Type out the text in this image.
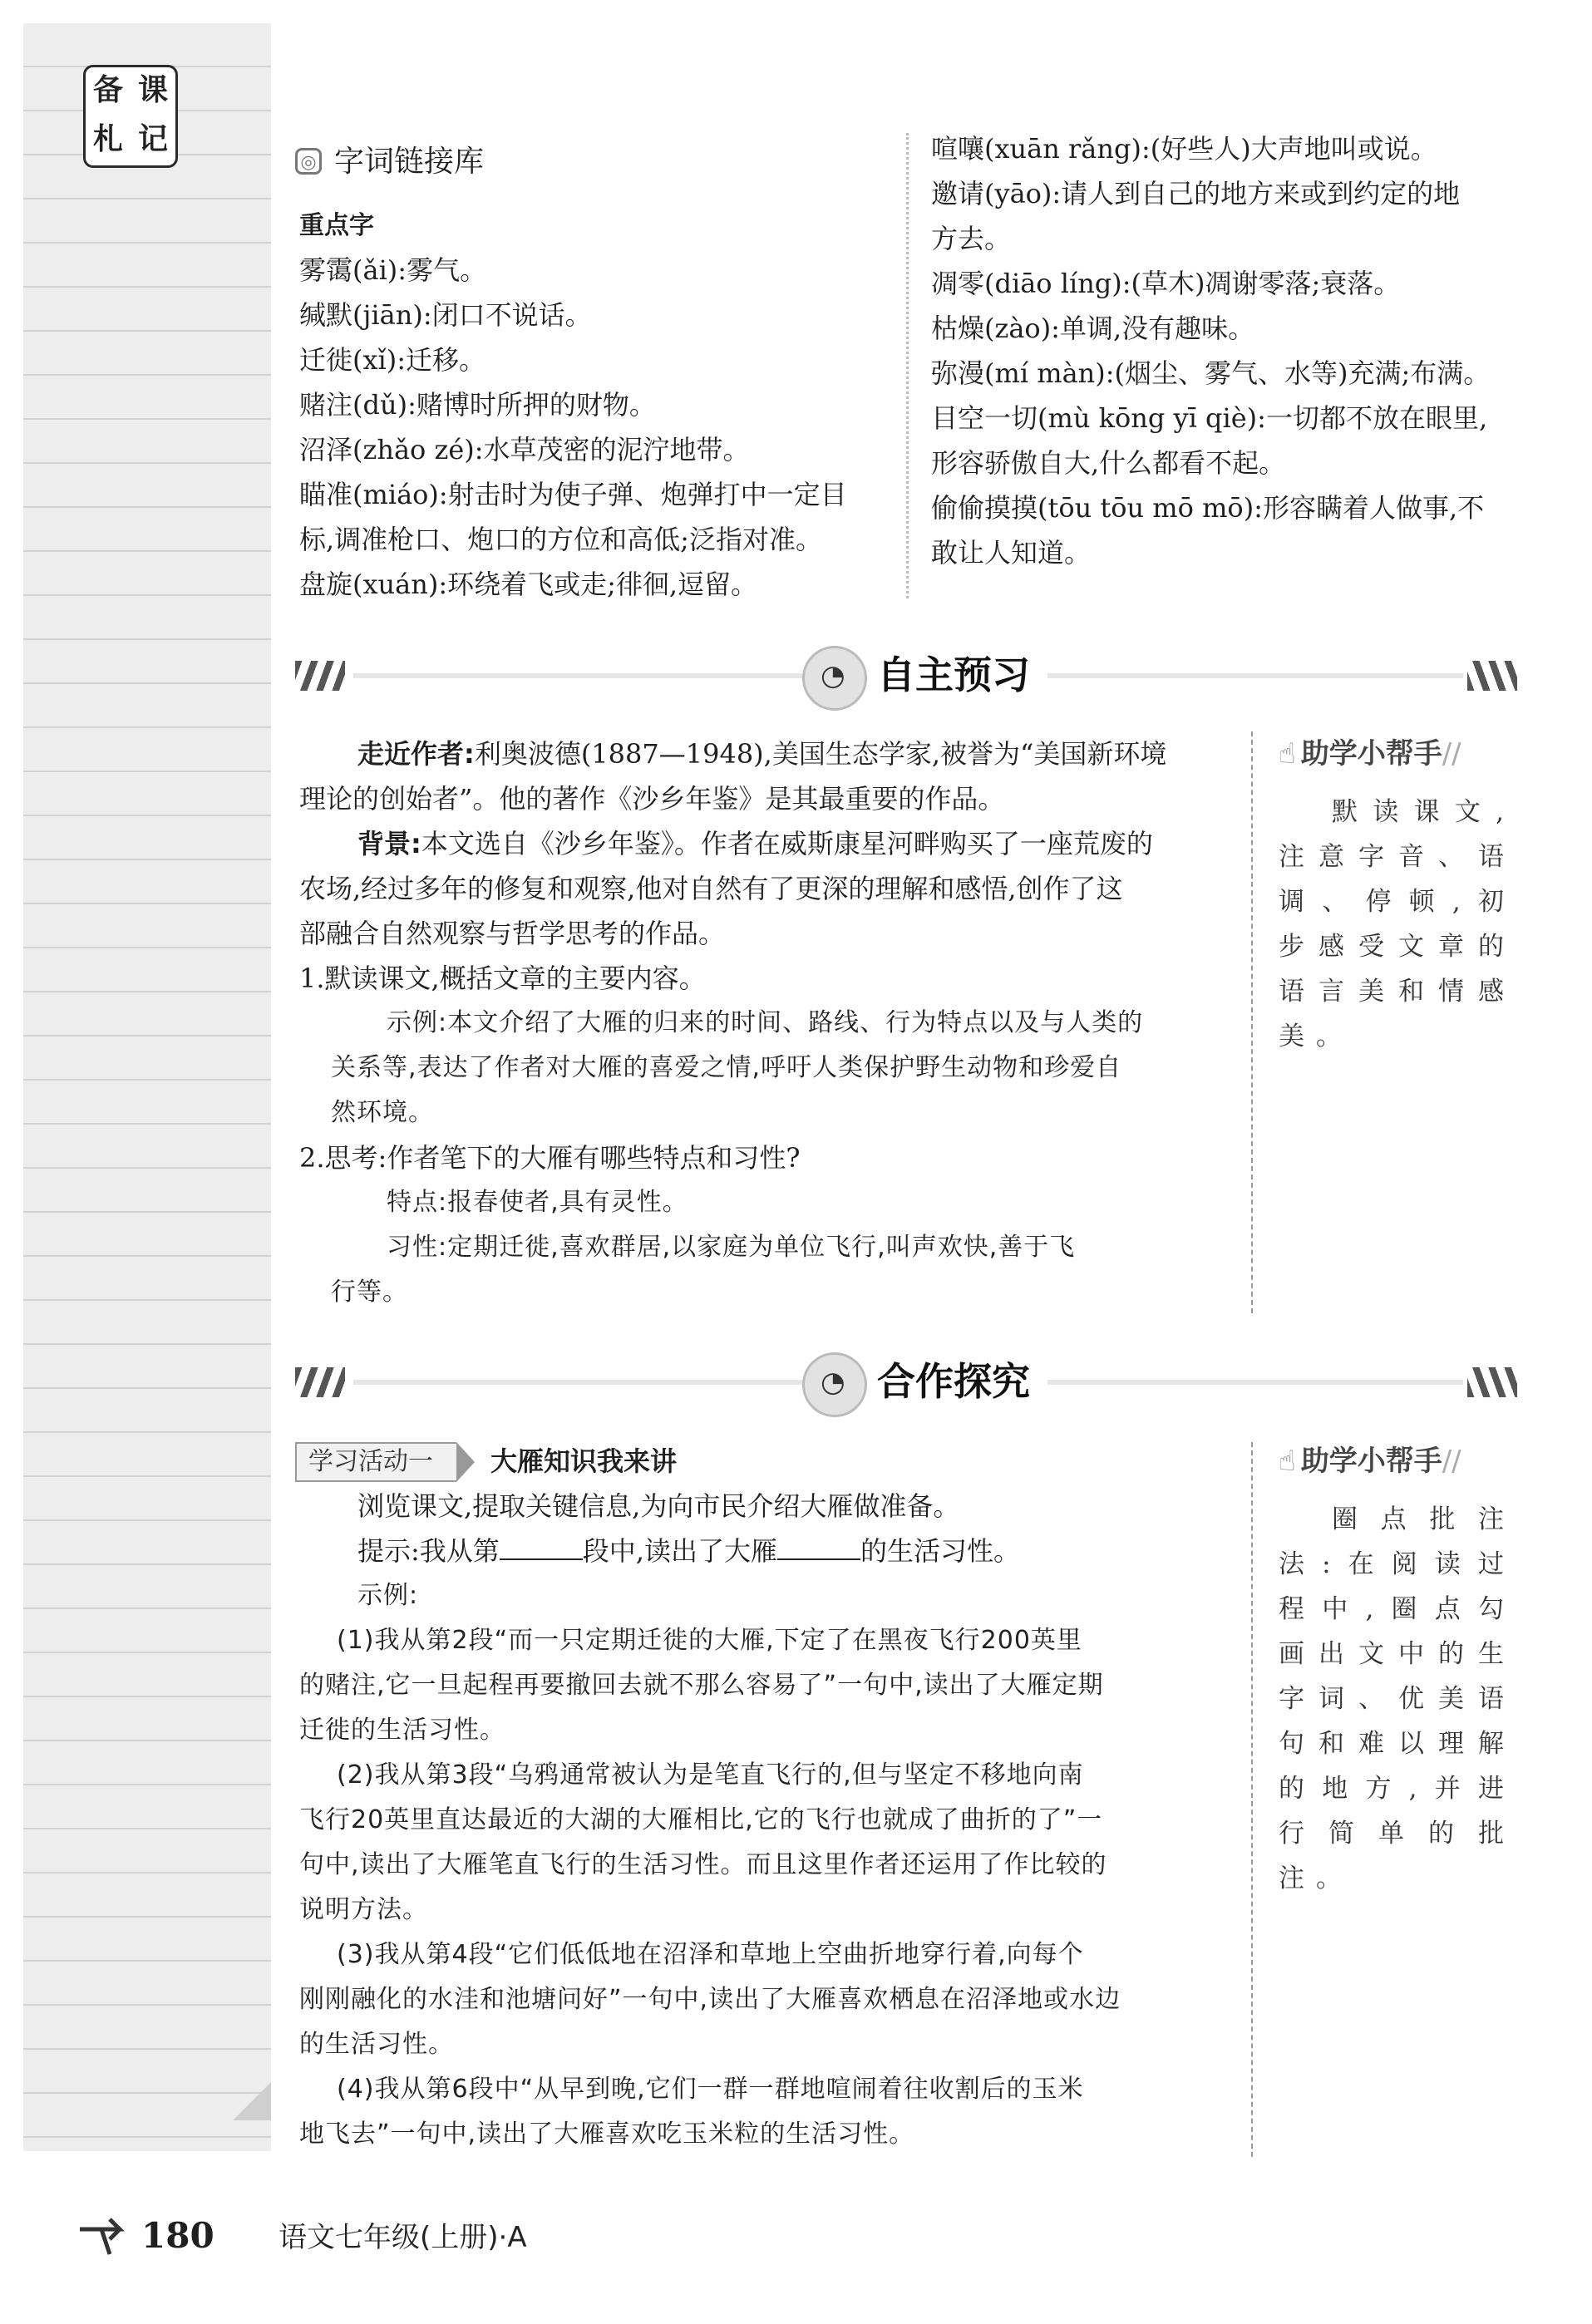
备 课
札 记
◎ 字词链接库
重点字
雾霭(ǎi):雾气。
缄默(jiān):闭口不说话。
迁徙(xǐ):迁移。
赌注(dǔ):赌博时所押的财物。
沼泽(zhǎo zé):水草茂密的泥泞地带。
瞄准(miáo):射击时为使子弹、炮弹打中一定目
标,调准枪口、炮口的方位和高低;泛指对准。
盘旋(xuán):环绕着飞或走;徘徊,逗留。
喧嚷(xuān rǎng):(好些人)大声地叫或说。
邀请(yāo):请人到自己的地方来或到约定的地
方去。
凋零(diāo líng):(草木)凋谢零落;衰落。
枯燥(zào):单调,没有趣味。
弥漫(mí màn):(烟尘、雾气、水等)充满;布满。
目空一切(mù kōng yī qiè):一切都不放在眼里,
形容骄傲自大,什么都看不起。
偷偷摸摸(tōu tōu mō mō):形容瞒着人做事,不
敢让人知道。
◔ 自主预习
走近作者:利奥波德(1887—1948),美国生态学家,被誉为“美国新环境
理论的创始者”。他的著作《沙乡年鉴》是其最重要的作品。
背景:本文选自《沙乡年鉴》。作者在威斯康星河畔购买了一座荒废的
农场,经过多年的修复和观察,他对自然有了更深的理解和感悟,创作了这
部融合自然观察与哲学思考的作品。
1.默读课文,概括文章的主要内容。
示例:本文介绍了大雁的归来的时间、路线、行为特点以及与人类的
关系等,表达了作者对大雁的喜爱之情,呼吁人类保护野生动物和珍爱自
然环境。
2.思考:作者笔下的大雁有哪些特点和习性?
特点:报春使者,具有灵性。
习性:定期迁徙,喜欢群居,以家庭为单位飞行,叫声欢快,善于飞
行等。
☝ 助学小帮手//
默读课文,注意字音、语调、停顿,初步感受文章的语言美和情感美。
◔ 合作探究
学习活动一	大雁知识我来讲
浏览课文,提取关键信息,为向市民介绍大雁做准备。
提示:我从第	段中,读出了大雁	的生活习性。
示例:
(1)我从第2段“而一只定期迁徙的大雁,下定了在黑夜飞行200英里
的赌注,它一旦起程再要撤回去就不那么容易了”一句中,读出了大雁定期
迁徙的生活习性。
(2)我从第3段“乌鸦通常被认为是笔直飞行的,但与坚定不移地向南
飞行20英里直达最近的大湖的大雁相比,它的飞行也就成了曲折的了”一
句中,读出了大雁笔直飞行的生活习性。而且这里作者还运用了作比较的
说明方法。
(3)我从第4段“它们低低地在沼泽和草地上空曲折地穿行着,向每个
刚刚融化的水洼和池塘问好”一句中,读出了大雁喜欢栖息在沼泽地或水边
的生活习性。
(4)我从第6段中“从早到晚,它们一群一群地喧闹着往收割后的玉米
地飞去”一句中,读出了大雁喜欢吃玉米粒的生活习性。
☝ 助学小帮手//
圈点批注法:在阅读过程中,圈点勾画出文中的生字词、优美语句和难以理解的地方,并进行简单的批注。
180 语文七年级(上册)·A
